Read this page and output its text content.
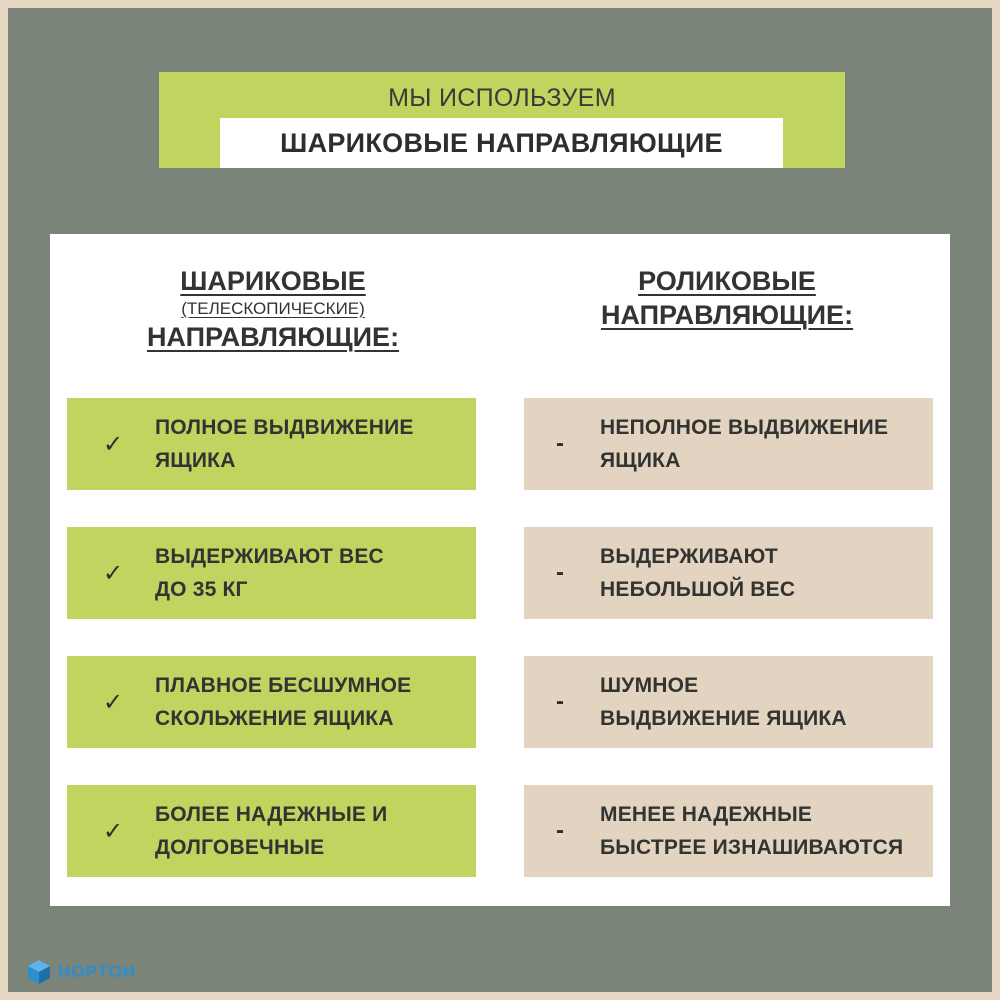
МЫ ИСПОЛЬЗУЕМ
ШАРИКОВЫЕ НАПРАВЛЯЮЩИЕ
ШАРИКОВЫЕ
(ТЕЛЕСКОПИЧЕСКИЕ)
НАПРАВЛЯЮЩИЕ:
РОЛИКОВЫЕ
НАПРАВЛЯЮЩИЕ:
✓
ПОЛНОЕ ВЫДВИЖЕНИЕ
ЯЩИКА
✓
ВЫДЕРЖИВАЮТ ВЕС
ДО 35 КГ
✓
ПЛАВНОЕ БЕСШУМНОЕ
СКОЛЬЖЕНИЕ ЯЩИКА
✓
БОЛЕЕ НАДЕЖНЫЕ И
ДОЛГОВЕЧНЫЕ
-
НЕПОЛНОЕ ВЫДВИЖЕНИЕ
ЯЩИКА
-
ВЫДЕРЖИВАЮТ
НЕБОЛЬШОЙ ВЕС
-
ШУМНОЕ
ВЫДВИЖЕНИЕ ЯЩИКА
-
МЕНЕЕ НАДЕЖНЫЕ
БЫСТРЕЕ ИЗНАШИВАЮТСЯ
НОРТОН
